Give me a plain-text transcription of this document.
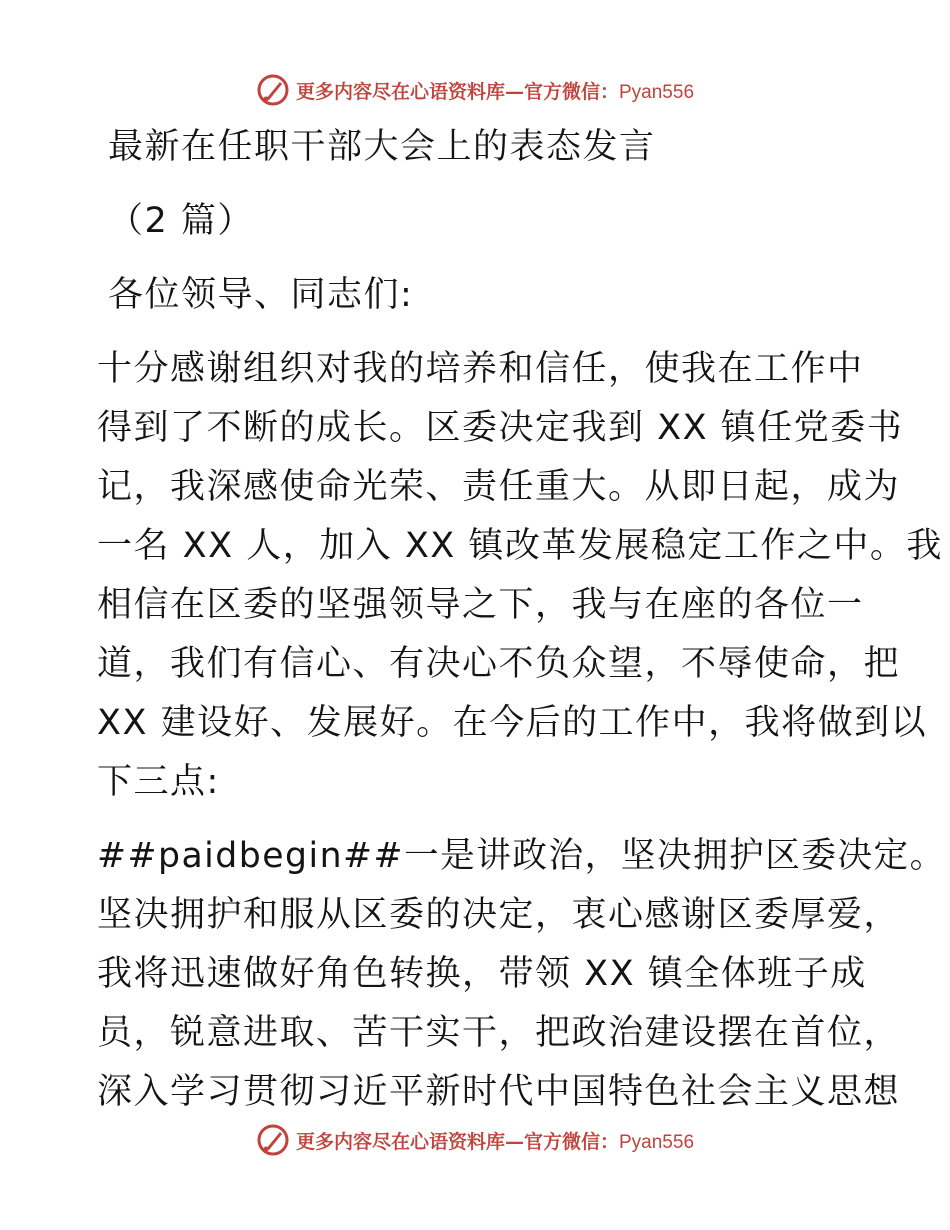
更多内容尽在心语资料库—官方微信：Pyan556
最新在任职干部大会上的表态发言
（2 篇）
各位领导、同志们:
十分感谢组织对我的培养和信任，使我在工作中
得到了不断的成长。区委决定我到 XX 镇任党委书
记，我深感使命光荣、责任重大。从即日起，成为
一名 XX 人，加入 XX 镇改革发展稳定工作之中。我
相信在区委的坚强领导之下，我与在座的各位一
道，我们有信心、有决心不负众望，不辱使命，把
XX 建设好、发展好。在今后的工作中，我将做到以
下三点:
##paidbegin##一是讲政治，坚决拥护区委决定。
坚决拥护和服从区委的决定，衷心感谢区委厚爱，
我将迅速做好角色转换，带领 XX 镇全体班子成
员，锐意进取、苦干实干，把政治建设摆在首位，
深入学习贯彻习近平新时代中国特色社会主义思想
更多内容尽在心语资料库—官方微信：Pyan556
